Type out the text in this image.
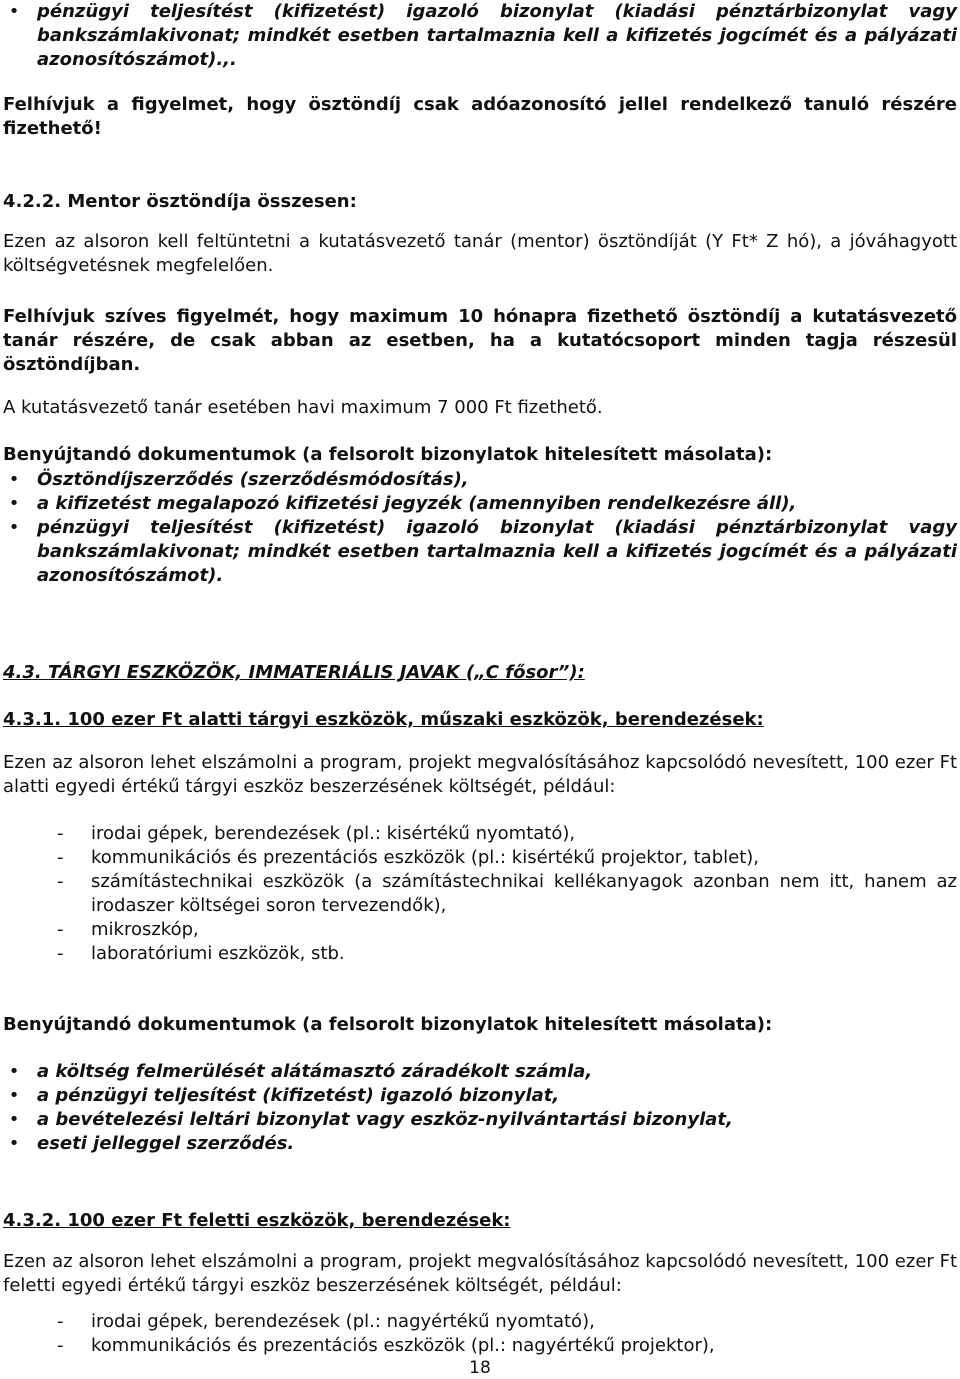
• pénzügyi teljesítést (kifizetést) igazoló bizonylat (kiadási pénztárbizonylat vagy bankszámlakivonat; mindkét esetben tartalmaznia kell a kifizetés jogcímét és a pályázati azonosítószámot).,.

Felhívjuk a figyelmet, hogy ösztöndíj csak adóazonosító jellel rendelkező tanuló részére fizethető!

4.2.2. Mentor ösztöndíja összesen:

Ezen az alsoron kell feltüntetni a kutatásvezető tanár (mentor) ösztöndíját (Y Ft* Z hó), a jóváhagyott költségvetésnek megfelelően.

Felhívjuk szíves figyelmét, hogy maximum 10 hónapra fizethető ösztöndíj a kutatásvezető tanár részére, de csak abban az esetben, ha a kutatócsoport minden tagja részesül ösztöndíjban.

A kutatásvezető tanár esetében havi maximum 7 000 Ft fizethető.

Benyújtandó dokumentumok (a felsorolt bizonylatok hitelesített másolata):

• Ösztöndíjszerződés (szerződésmódosítás),
• a kifizetést megalapozó kifizetési jegyzék (amennyiben rendelkezésre áll),
• pénzügyi teljesítést (kifizetést) igazoló bizonylat (kiadási pénztárbizonylat vagy bankszámlakivonat; mindkét esetben tartalmaznia kell a kifizetés jogcímét és a pályázati azonosítószámot).

4.3. TÁRGYI ESZKÖZÖK, IMMATERIÁLIS JAVAK („C fősor”):

4.3.1. 100 ezer Ft alatti tárgyi eszközök, műszaki eszközök, berendezések:

Ezen az alsoron lehet elszámolni a program, projekt megvalósításához kapcsolódó nevesített, 100 ezer Ft alatti egyedi értékű tárgyi eszköz beszerzésének költségét, például:

- irodai gépek, berendezések (pl.: kisértékű nyomtató),
- kommunikációs és prezentációs eszközök (pl.: kisértékű projektor, tablet),
- számítástechnikai eszközök (a számítástechnikai kellékanyagok azonban nem itt, hanem az irodaszer költségei soron tervezendők),
- mikroszkóp,
- laboratóriumi eszközök, stb.

Benyújtandó dokumentumok (a felsorolt bizonylatok hitelesített másolata):

• a költség felmerülését alátámasztó záradékolt számla,
• a pénzügyi teljesítést (kifizetést) igazoló bizonylat,
• a bevételezési leltári bizonylat vagy eszköz-nyilvántartási bizonylat,
• eseti jelleggel szerződés.

4.3.2. 100 ezer Ft feletti eszközök, berendezések:

Ezen az alsoron lehet elszámolni a program, projekt megvalósításához kapcsolódó nevesített, 100 ezer Ft feletti egyedi értékű tárgyi eszköz beszerzésének költségét, például:

- irodai gépek, berendezések (pl.: nagyértékű nyomtató),
- kommunikációs és prezentációs eszközök (pl.: nagyértékű projektor),
18
